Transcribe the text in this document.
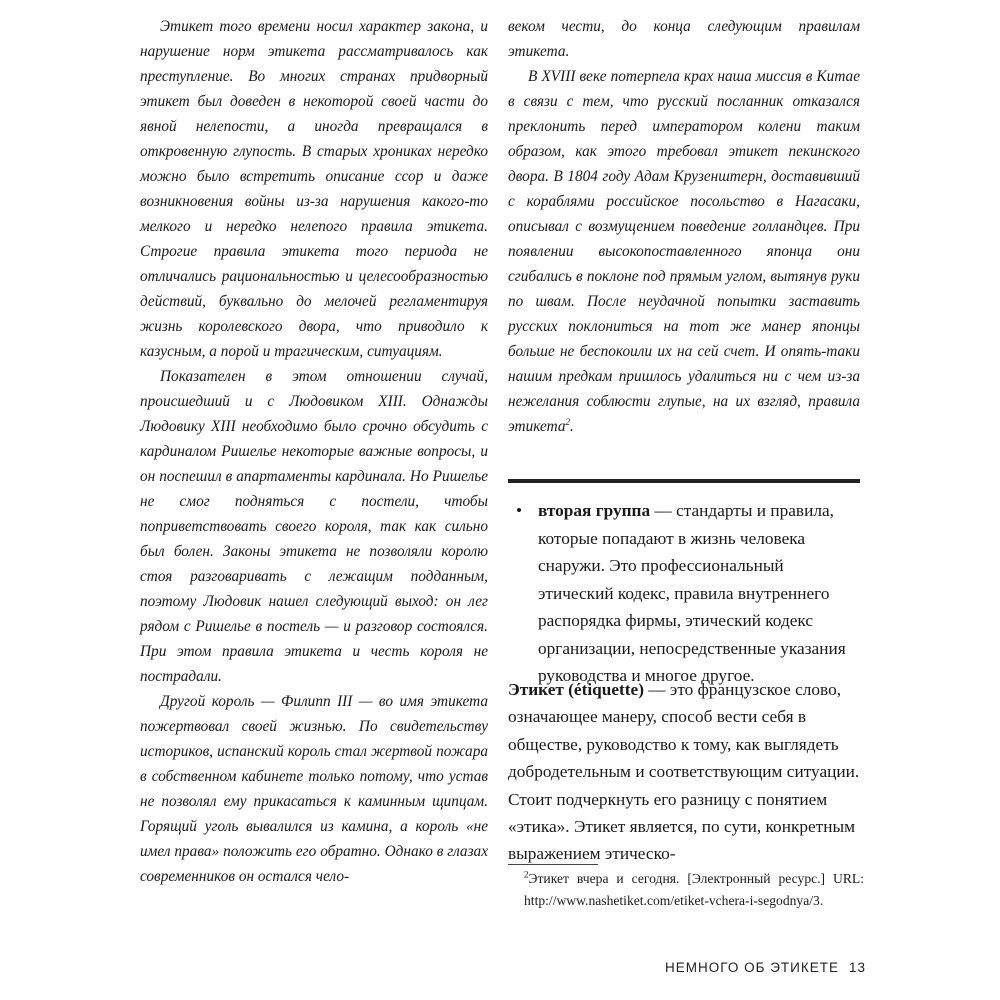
Этикет того времени носил характер закона, и нарушение норм этикета рассматривалось как преступление. Во многих странах придворный этикет был доведен в некоторой своей части до явной нелепости, а иногда превращался в откровенную глупость. В старых хрониках нередко можно было встретить описание ссор и даже возникновения войны из-за нарушения какого-то мелкого и нередко нелепого правила этикета. Строгие правила этикета того периода не отличались рациональностью и целесообразностью действий, буквально до мелочей регламентируя жизнь королевского двора, что приводило к казусным, а порой и трагическим, ситуациям.

Показателен в этом отношении случай, происшедший и с Людовиком XIII. Однажды Людовику XIII необходимо было срочно обсудить с кардиналом Ришелье некоторые важные вопросы, и он поспешил в апартаменты кардинала. Но Ришелье не смог подняться с постели, чтобы поприветствовать своего короля, так как сильно был болен. Законы этикета не позволяли королю стоя разговаривать с лежащим подданным, поэтому Людовик нашел следующий выход: он лег рядом с Ришелье в постель — и разговор состоялся. При этом правила этикета и честь короля не пострадали.

Другой король — Филипп III — во имя этикета пожертвовал своей жизнью. По свидетельству историков, испанский король стал жертвой пожара в собственном кабинете только потому, что устав не позволял ему прикасаться к каминным щипцам. Горящий уголь вывалился из камина, а король «не имел права» положить его обратно. Однако в глазах современников он остался чело-

веком чести, до конца следующим правилам этикета.

В XVIII веке потерпела крах наша миссия в Китае в связи с тем, что русский посланник отказался преклонить перед императором колени таким образом, как этого требовал этикет пекинского двора. В 1804 году Адам Крузенштерн, доставивший с кораблями российское посольство в Нагасаки, описывал с возмущением поведение голландцев. При появлении высокопоставленного японца они сгибались в поклоне под прямым углом, вытянув руки по швам. После неудачной попытки заставить русских поклониться на тот же манер японцы больше не беспокоили их на сей счет. И опять-таки нашим предкам пришлось удалиться ни с чем из-за нежелания соблюсти глупые, на их взгляд, правила этикета$^2$.

• вторая группа — стандарты и правила, которые попадают в жизнь человека снаружи. Это профессиональный этический кодекс, правила внутреннего распорядка фирмы, этический кодекс организации, непосредственные указания руководства и многое другое.

Этикет (étiquette) — это французское слово, означающее манеру, способ вести себя в обществе, руководство к тому, как выглядеть добродетельным и соответствующим ситуации. Стоит подчеркнуть его разницу с понятием «этика». Этикет является, по сути, конкретным выражением этическо-

$^2$Этикет вчера и сегодня. [Электронный ресурс.] URL: http://www.nashetiket.com/etiket-vchera-i-segodnya/3.

НЕМНОГО ОБ ЭТИКЕТЕ 13
